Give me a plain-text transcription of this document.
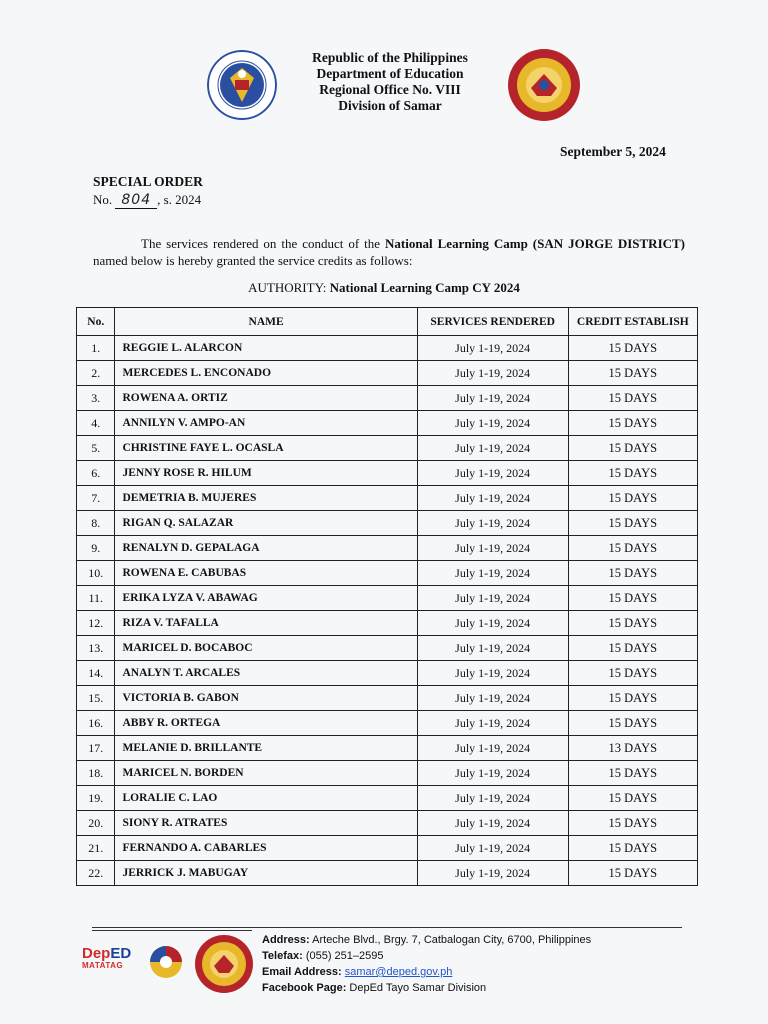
Republic of the Philippines
Department of Education
Regional Office No. VIII
Division of Samar
September 5, 2024
SPECIAL ORDER
No. 804 , s. 2024
The services rendered on the conduct of the National Learning Camp (SAN JORGE DISTRICT) named below is hereby granted the service credits as follows:
AUTHORITY: National Learning Camp CY 2024
No.	NAME	SERVICES RENDERED	CREDIT ESTABLISH
1.	REGGIE L. ALARCON	July 1-19, 2024	15 DAYS
2.	MERCEDES L. ENCONADO	July 1-19, 2024	15 DAYS
3.	ROWENA A. ORTIZ	July 1-19, 2024	15 DAYS
4.	ANNILYN V. AMPO-AN	July 1-19, 2024	15 DAYS
5.	CHRISTINE FAYE L. OCASLA	July 1-19, 2024	15 DAYS
6.	JENNY ROSE R. HILUM	July 1-19, 2024	15 DAYS
7.	DEMETRIA B. MUJERES	July 1-19, 2024	15 DAYS
8.	RIGAN Q. SALAZAR	July 1-19, 2024	15 DAYS
9.	RENALYN D. GEPALAGA	July 1-19, 2024	15 DAYS
10.	ROWENA E. CABUBAS	July 1-19, 2024	15 DAYS
11.	ERIKA LYZA V. ABAWAG	July 1-19, 2024	15 DAYS
12.	RIZA V. TAFALLA	July 1-19, 2024	15 DAYS
13.	MARICEL D. BOCABOC	July 1-19, 2024	15 DAYS
14.	ANALYN T. ARCALES	July 1-19, 2024	15 DAYS
15.	VICTORIA B. GABON	July 1-19, 2024	15 DAYS
16.	ABBY R. ORTEGA	July 1-19, 2024	15 DAYS
17.	MELANIE D. BRILLANTE	July 1-19, 2024	13 DAYS
18.	MARICEL N. BORDEN	July 1-19, 2024	15 DAYS
19.	LORALIE C. LAO	July 1-19, 2024	15 DAYS
20.	SIONY R. ATRATES	July 1-19, 2024	15 DAYS
21.	FERNANDO A. CABARLES	July 1-19, 2024	15 DAYS
22.	JERRICK J. MABUGAY	July 1-19, 2024	15 DAYS
DepED
MATATAG
Address: Arteche Blvd., Brgy. 7, Catbalogan City, 6700, Philippines
Telefax: (055) 251–2595
Email Address: samar@deped.gov.ph
Facebook Page: DepEd Tayo Samar Division
